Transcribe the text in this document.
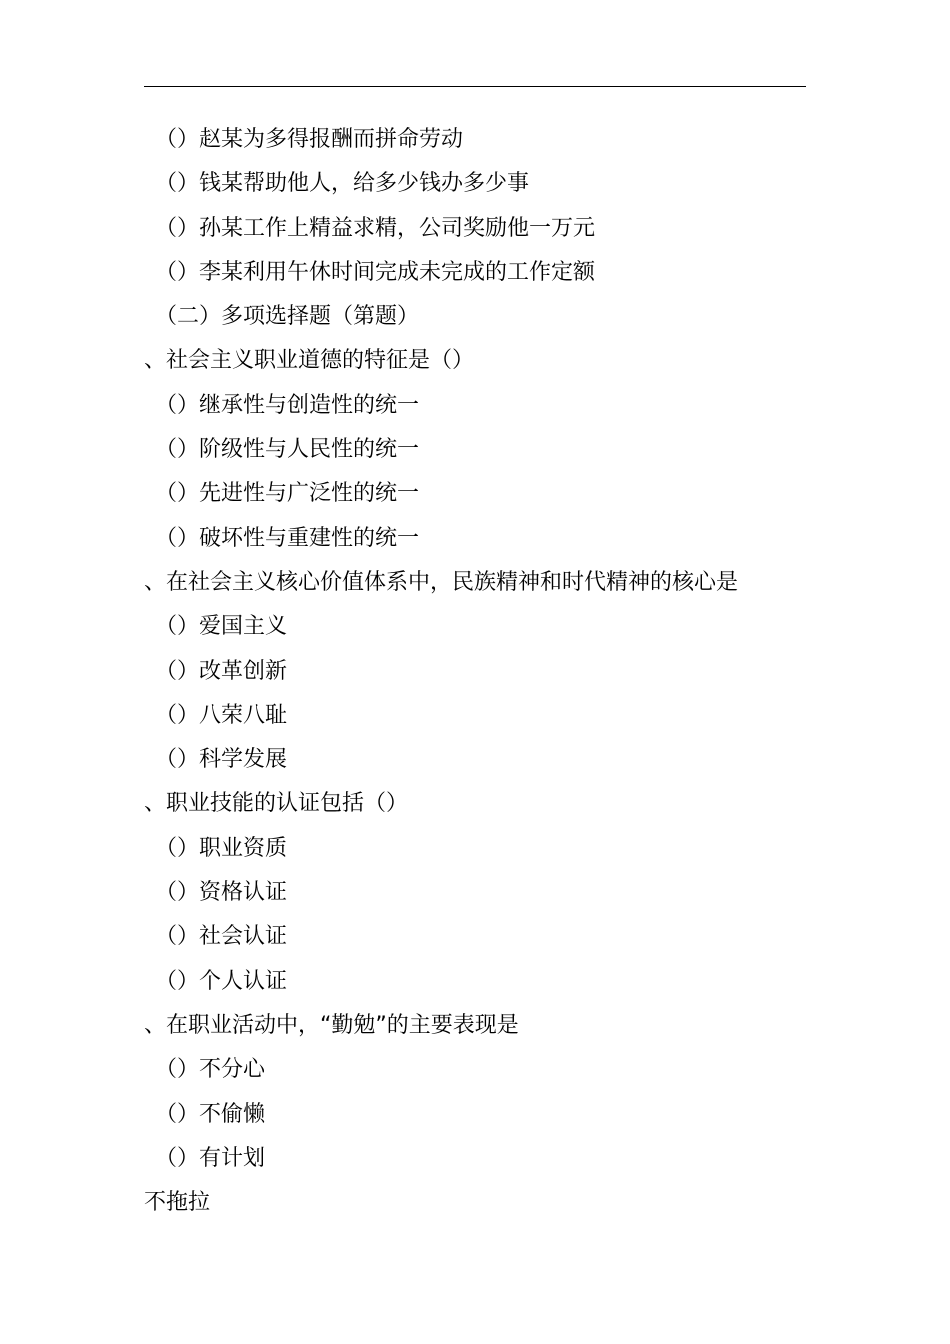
（）赵某为多得报酬而拼命劳动
（）钱某帮助他人，给多少钱办多少事
（）孙某工作上精益求精，公司奖励他一万元
（）李某利用午休时间完成未完成的工作定额
（二）多项选择题（第题）
、社会主义职业道德的特征是（）
（）继承性与创造性的统一
（）阶级性与人民性的统一
（）先进性与广泛性的统一
（）破坏性与重建性的统一
、在社会主义核心价值体系中，民族精神和时代精神的核心是
（）爱国主义
（）改革创新
（）八荣八耻
（）科学发展
、职业技能的认证包括（）
（）职业资质
（）资格认证
（）社会认证
（）个人认证
、在职业活动中，“勤勉”的主要表现是
（）不分心
（）不偷懒
（）有计划
不拖拉
